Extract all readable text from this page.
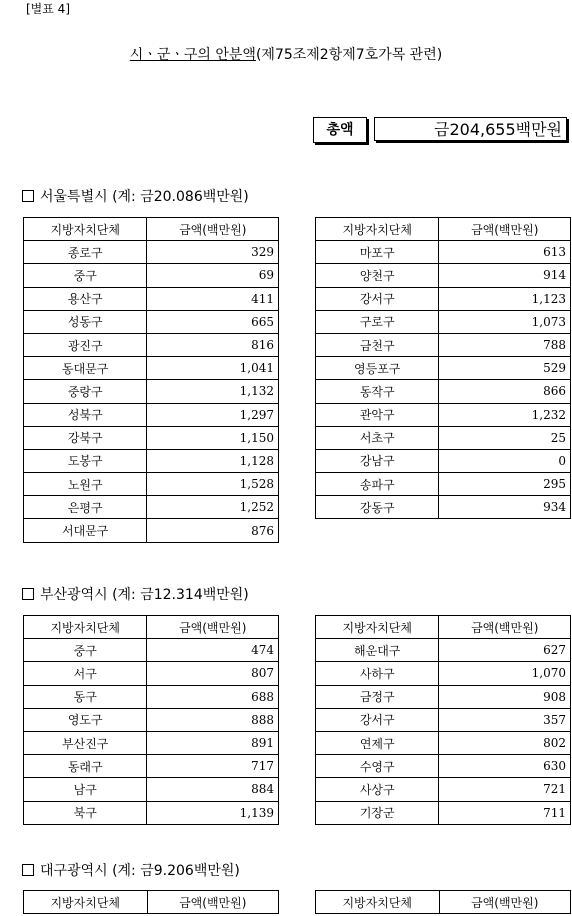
[별표 4]
시ㆍ군ㆍ구의 안분액(제75조제2항제7호가목 관련)
총액	금204,655백만원
서울특별시 (계: 금20.086백만원)
지방자치단체	금액(백만원)
종로구	329
중구	69
용산구	411
성동구	665
광진구	816
동대문구	1,041
중랑구	1,132
성북구	1,297
강북구	1,150
도봉구	1,128
노원구	1,528
은평구	1,252
서대문구	876
지방자치단체	금액(백만원)
마포구	613
양천구	914
강서구	1,123
구로구	1,073
금천구	788
영등포구	529
동작구	866
관악구	1,232
서초구	25
강남구	0
송파구	295
강동구	934
부산광역시 (계: 금12.314백만원)
지방자치단체	금액(백만원)
중구	474
서구	807
동구	688
영도구	888
부산진구	891
동래구	717
남구	884
북구	1,139
지방자치단체	금액(백만원)
해운대구	627
사하구	1,070
금정구	908
강서구	357
연제구	802
수영구	630
사상구	721
기장군	711
대구광역시 (계: 금9.206백만원)
지방자치단체	금액(백만원)	지방자치단체	금액(백만원)
